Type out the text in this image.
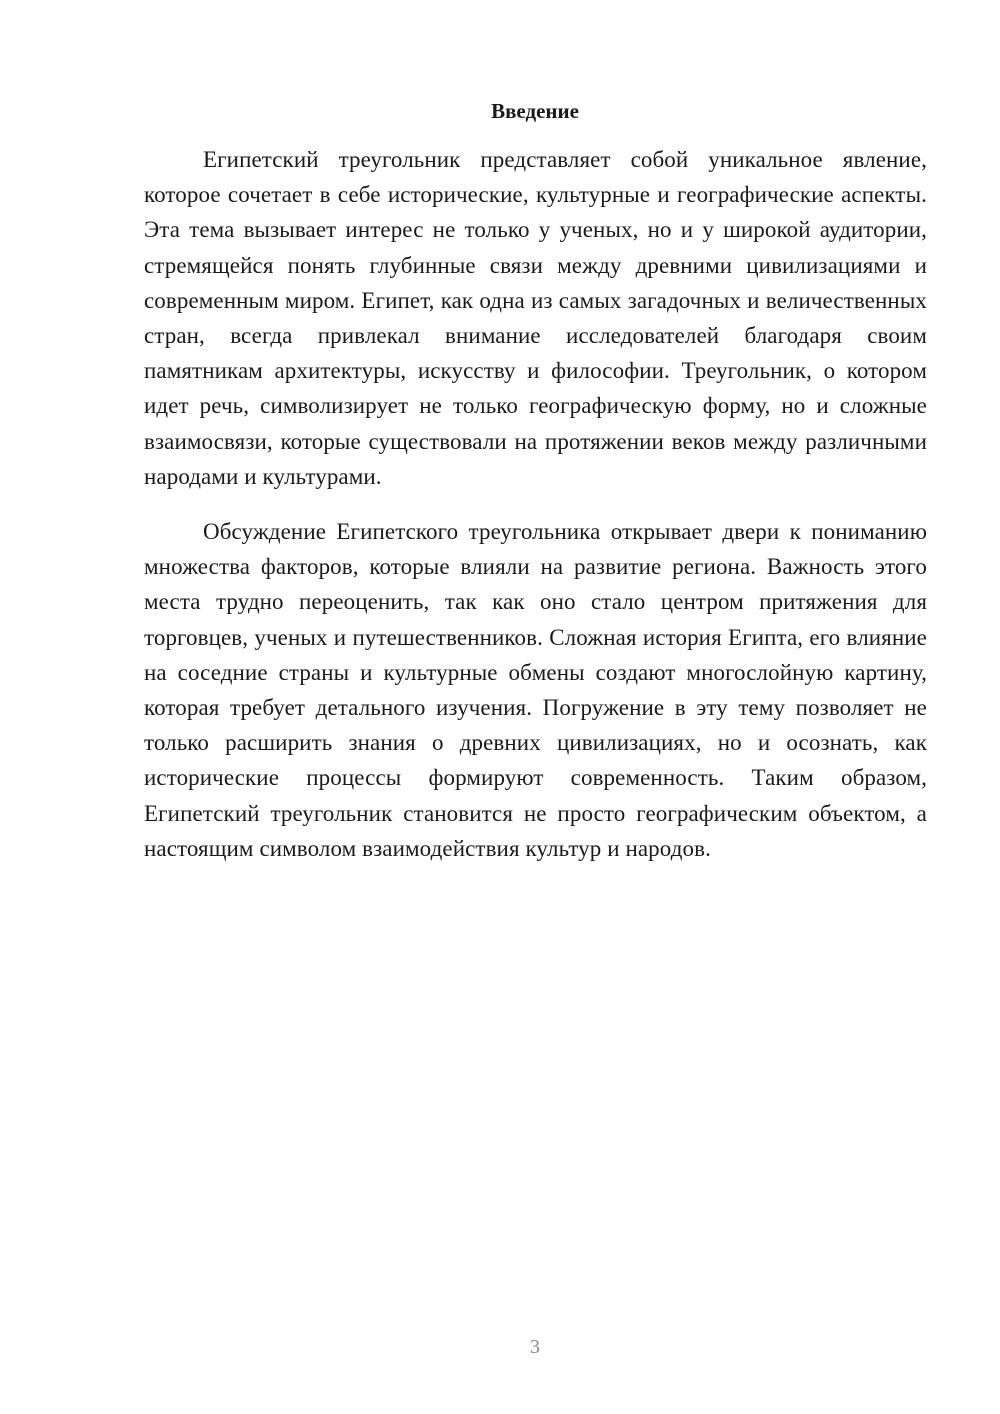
Введение

Египетский треугольник представляет собой уникальное явление, которое сочетает в себе исторические, культурные и географические аспекты. Эта тема вызывает интерес не только у ученых, но и у широкой аудитории, стремящейся понять глубинные связи между древними цивилизациями и современным миром. Египет, как одна из самых загадочных и величественных стран, всегда привлекал внимание исследователей благодаря своим памятникам архитектуры, искусству и философии. Треугольник, о котором идет речь, символизирует не только географическую форму, но и сложные взаимосвязи, которые существовали на протяжении веков между различными народами и культурами.

Обсуждение Египетского треугольника открывает двери к пониманию множества факторов, которые влияли на развитие региона. Важность этого места трудно переоценить, так как оно стало центром притяжения для торговцев, ученых и путешественников. Сложная история Египта, его влияние на соседние страны и культурные обмены создают многослойную картину, которая требует детального изучения. Погружение в эту тему позволяет не только расширить знания о древних цивилизациях, но и осознать, как исторические процессы формируют современность. Таким образом, Египетский треугольник становится не просто географическим объектом, а настоящим символом взаимодействия культур и народов.

3
